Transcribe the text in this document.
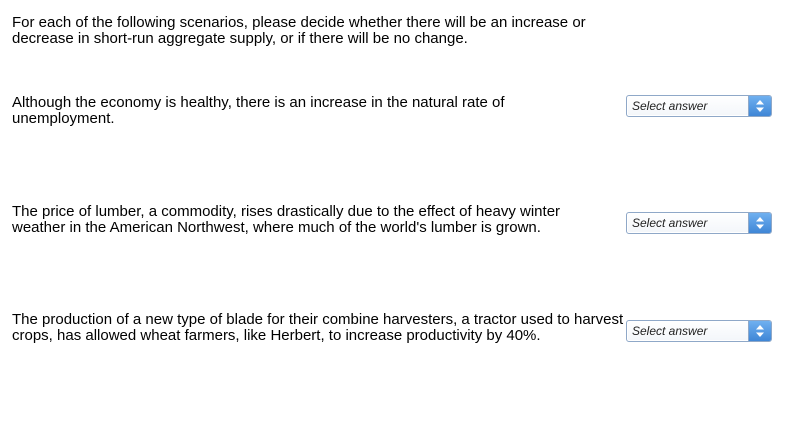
For each of the following scenarios, please decide whether there will be an increase or decrease in short-run aggregate supply, or if there will be no change.
Although the economy is healthy, there is an increase in the natural rate of unemployment.
Select answer
The price of lumber, a commodity, rises drastically due to the effect of heavy winter weather in the American Northwest, where much of the world's lumber is grown.	Select answer
The production of a new type of blade for their combine harvesters, a tractor used to harvest crops, has allowed wheat farmers, like Herbert, to increase productivity by 40%.	Select answer
